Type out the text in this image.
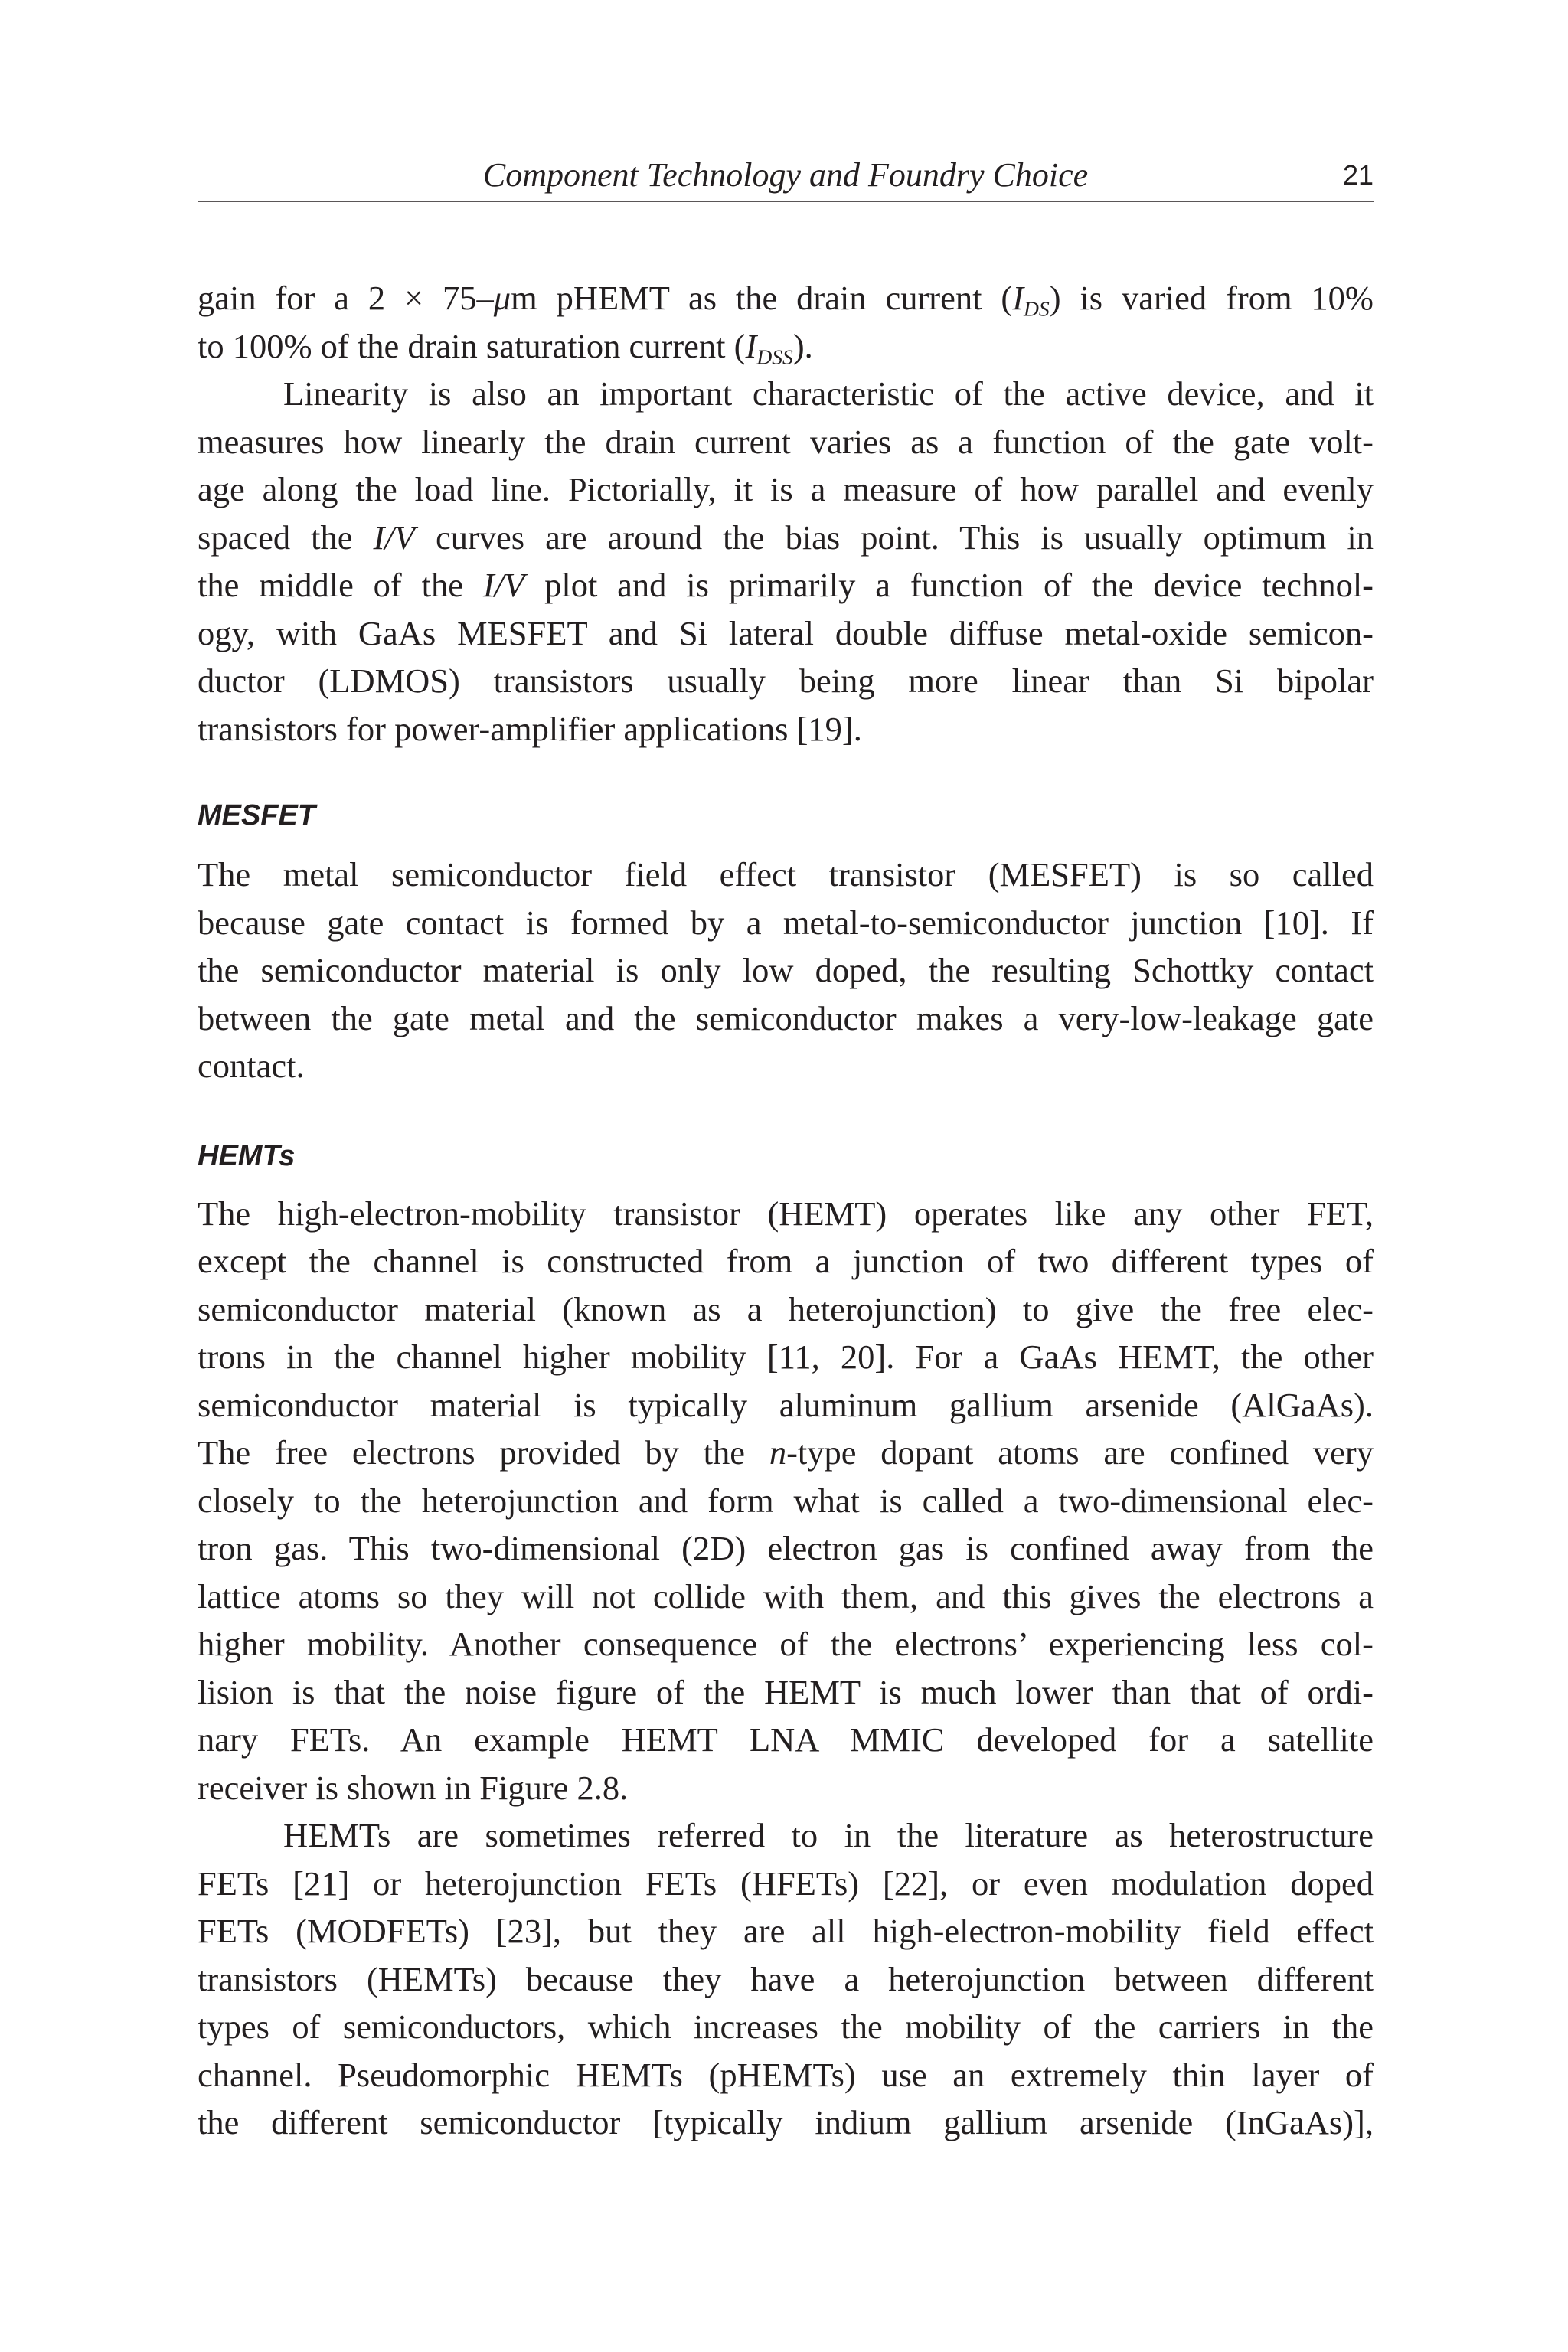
Component Technology and Foundry Choice	21

gain for a 2 × 75–μm pHEMT as the drain current $(I_{DS})$ is varied from 10%
to 100% of the drain saturation current $(I_{DSS})$.

Linearity is also an important characteristic of the active device, and it
measures how linearly the drain current varies as a function of the gate volt-
age along the load line. Pictorially, it is a measure of how parallel and evenly
spaced the I/V curves are around the bias point. This is usually optimum in
the middle of the I/V plot and is primarily a function of the device technol-
ogy, with GaAs MESFET and Si lateral double diffuse metal-oxide semicon-
ductor (LDMOS) transistors usually being more linear than Si bipolar
transistors for power-amplifier applications [19].

MESFET

The metal semiconductor field effect transistor (MESFET) is so called
because gate contact is formed by a metal-to-semiconductor junction [10]. If
the semiconductor material is only low doped, the resulting Schottky contact
between the gate metal and the semiconductor makes a very-low-leakage gate
contact.

HEMTs

The high-electron-mobility transistor (HEMT) operates like any other FET,
except the channel is constructed from a junction of two different types of
semiconductor material (known as a heterojunction) to give the free elec-
trons in the channel higher mobility [11, 20]. For a GaAs HEMT, the other
semiconductor material is typically aluminum gallium arsenide (AlGaAs).
The free electrons provided by the n-type dopant atoms are confined very
closely to the heterojunction and form what is called a two-dimensional elec-
tron gas. This two-dimensional (2D) electron gas is confined away from the
lattice atoms so they will not collide with them, and this gives the electrons a
higher mobility. Another consequence of the electrons’ experiencing less col-
lision is that the noise figure of the HEMT is much lower than that of ordi-
nary FETs. An example HEMT LNA MMIC developed for a satellite
receiver is shown in Figure 2.8.

HEMTs are sometimes referred to in the literature as heterostructure
FETs [21] or heterojunction FETs (HFETs) [22], or even modulation doped
FETs (MODFETs) [23], but they are all high-electron-mobility field effect
transistors (HEMTs) because they have a heterojunction between different
types of semiconductors, which increases the mobility of the carriers in the
channel. Pseudomorphic HEMTs (pHEMTs) use an extremely thin layer of
the different semiconductor [typically indium gallium arsenide (InGaAs)],
